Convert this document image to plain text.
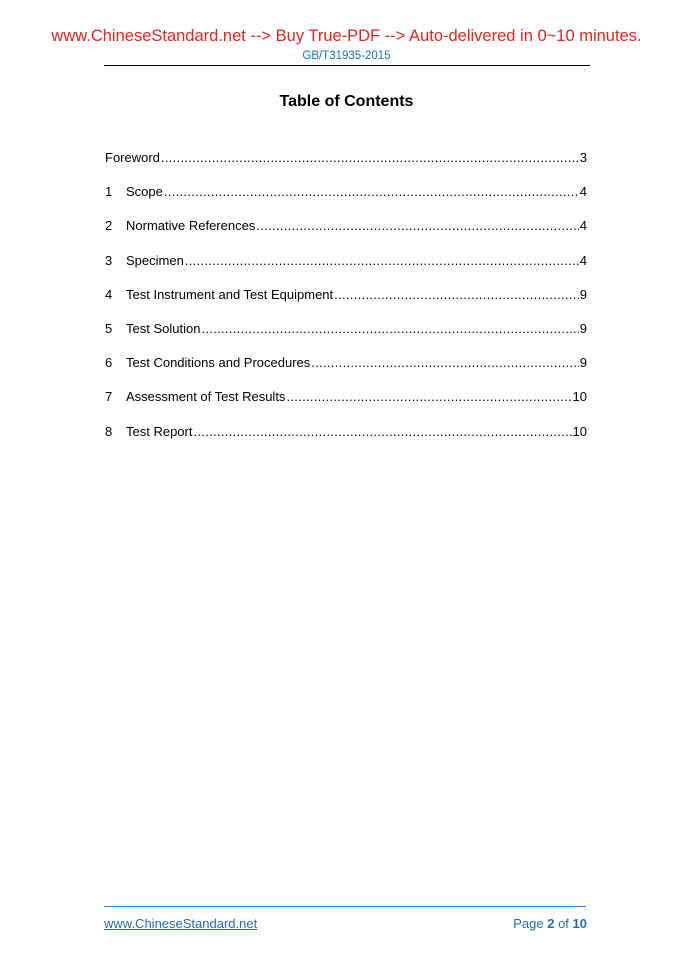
www.ChineseStandard.net --> Buy True-PDF --> Auto-delivered in 0~10 minutes.
GB/T31935-2015
Table of Contents
Foreword .....	3
1	Scope .....	4
2	Normative References .....	4
3	Specimen .....	4
4	Test Instrument and Test Equipment .....	9
5	Test Solution .....	9
6	Test Conditions and Procedures .....	9
7	Assessment of Test Results .....	10
8	Test Report .....	10
www.ChineseStandard.net	Page 2 of 10
